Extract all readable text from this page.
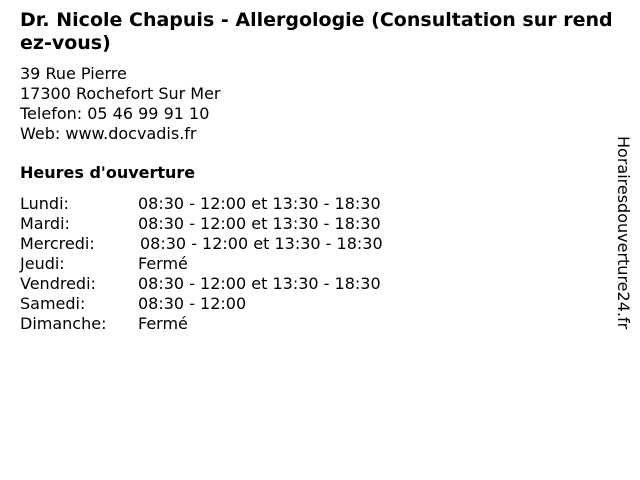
Dr. Nicole Chapuis - Allergologie (Consultation sur rendez-vous)
39 Rue Pierre
17300 Rochefort Sur Mer
Telefon: 05 46 99 91 10
Web: www.docvadis.fr
Heures d'ouverture
Lundi:	08:30 - 12:00 et 13:30 - 18:30
Mardi:	08:30 - 12:00 et 13:30 - 18:30
Mercredi:	08:30 - 12:00 et 13:30 - 18:30
Jeudi:	Fermé
Vendredi:	08:30 - 12:00 et 13:30 - 18:30
Samedi:	08:30 - 12:00
Dimanche:	Fermé	Horairesdouverture24.fr
